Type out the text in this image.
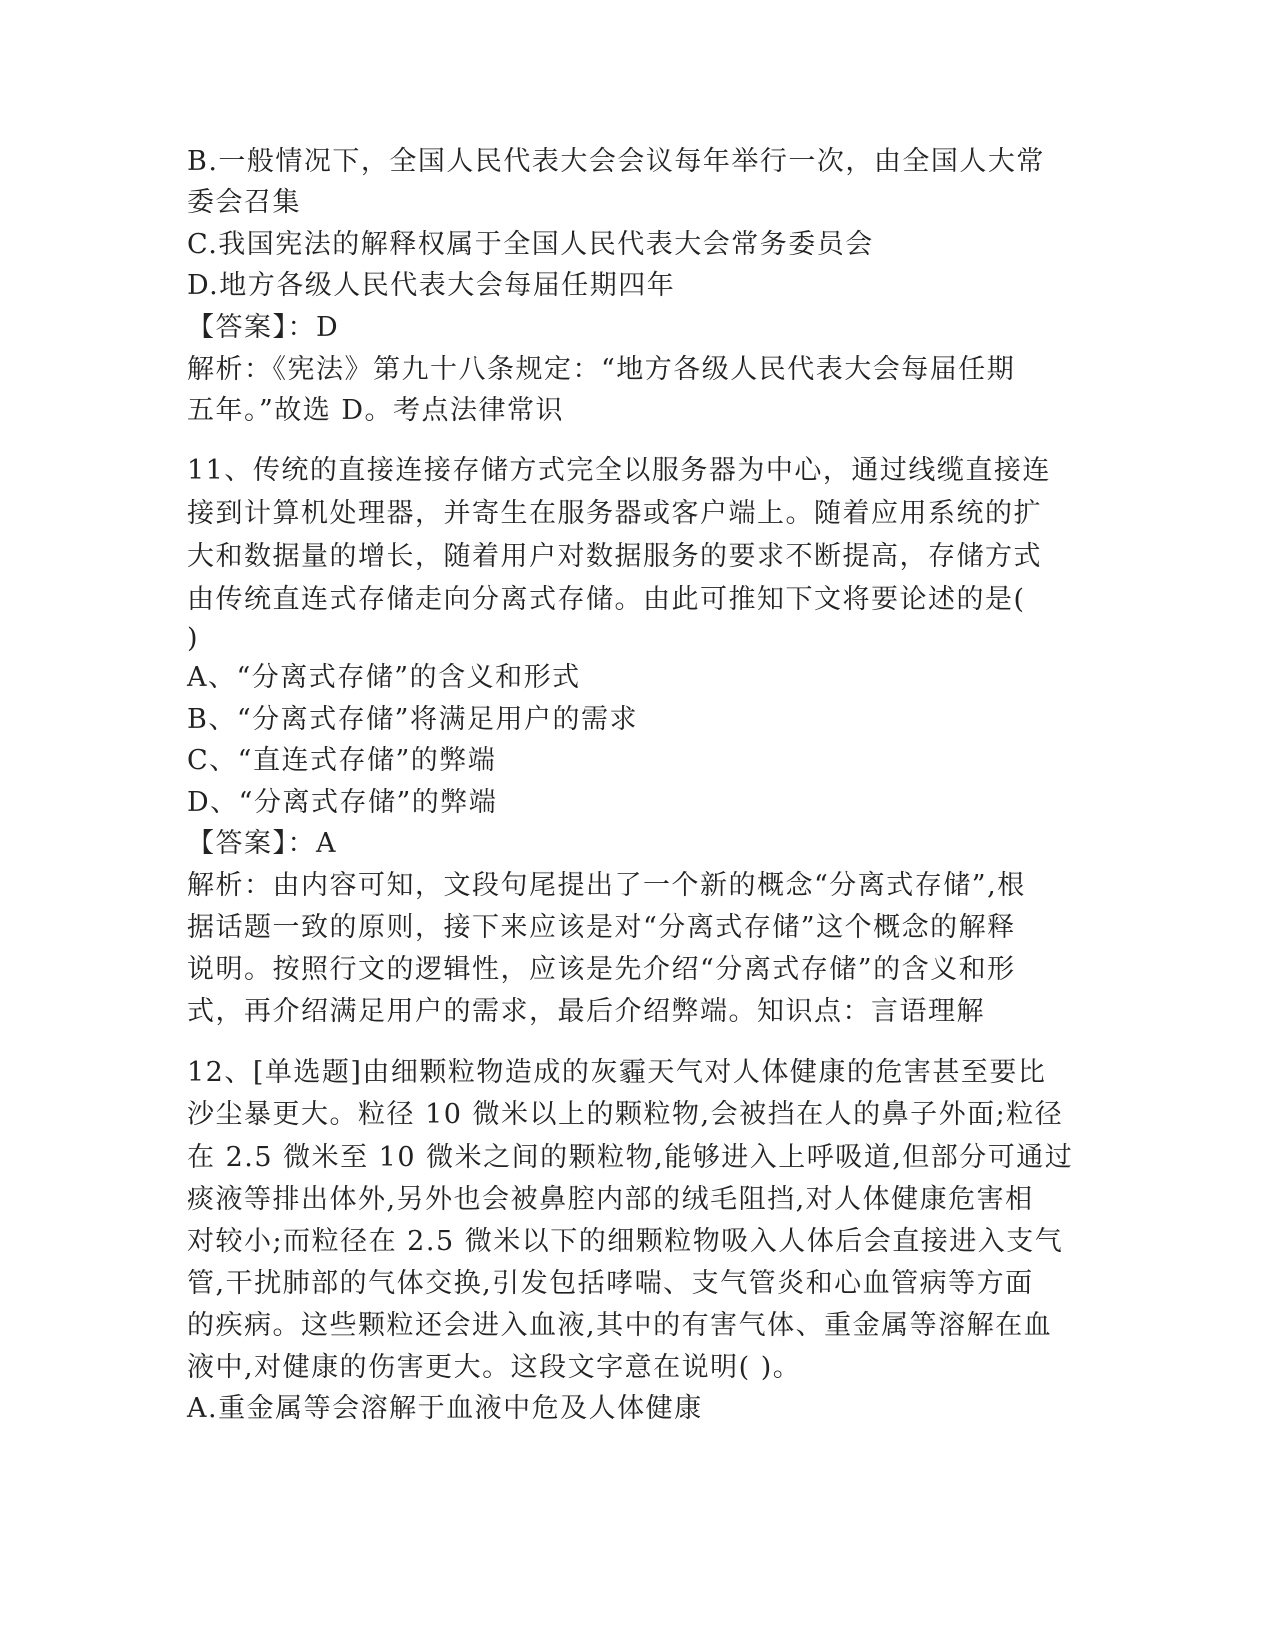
B.一般情况下，全国人民代表大会会议每年举行一次，由全国人大常
委会召集
C.我国宪法的解释权属于全国人民代表大会常务委员会
D.地方各级人民代表大会每届任期四年
【答案】：D
解析：《宪法》第九十八条规定：“地方各级人民代表大会每届任期
五年。”故选 D。考点法律常识
11、传统的直接连接存储方式完全以服务器为中心，通过线缆直接连
接到计算机处理器，并寄生在服务器或客户端上。随着应用系统的扩
大和数据量的增长，随着用户对数据服务的要求不断提高，存储方式
由传统直连式存储走向分离式存储。由此可推知下文将要论述的是(
)
A、“分离式存储”的含义和形式
B、“分离式存储”将满足用户的需求
C、“直连式存储”的弊端
D、“分离式存储”的弊端
【答案】：A
解析：由内容可知，文段句尾提出了一个新的概念“分离式存储”,根
据话题一致的原则，接下来应该是对“分离式存储”这个概念的解释
说明。按照行文的逻辑性，应该是先介绍“分离式存储”的含义和形
式，再介绍满足用户的需求，最后介绍弊端。知识点：言语理解
12、[单选题]由细颗粒物造成的灰霾天气对人体健康的危害甚至要比
沙尘暴更大。粒径 10 微米以上的颗粒物,会被挡在人的鼻子外面;粒径
在 2.5 微米至 10 微米之间的颗粒物,能够进入上呼吸道,但部分可通过
痰液等排出体外,另外也会被鼻腔内部的绒毛阻挡,对人体健康危害相
对较小;而粒径在 2.5 微米以下的细颗粒物吸入人体后会直接进入支气
管,干扰肺部的气体交换,引发包括哮喘、支气管炎和心血管病等方面
的疾病。这些颗粒还会进入血液,其中的有害气体、重金属等溶解在血
液中,对健康的伤害更大。这段文字意在说明( )。
A.重金属等会溶解于血液中危及人体健康
